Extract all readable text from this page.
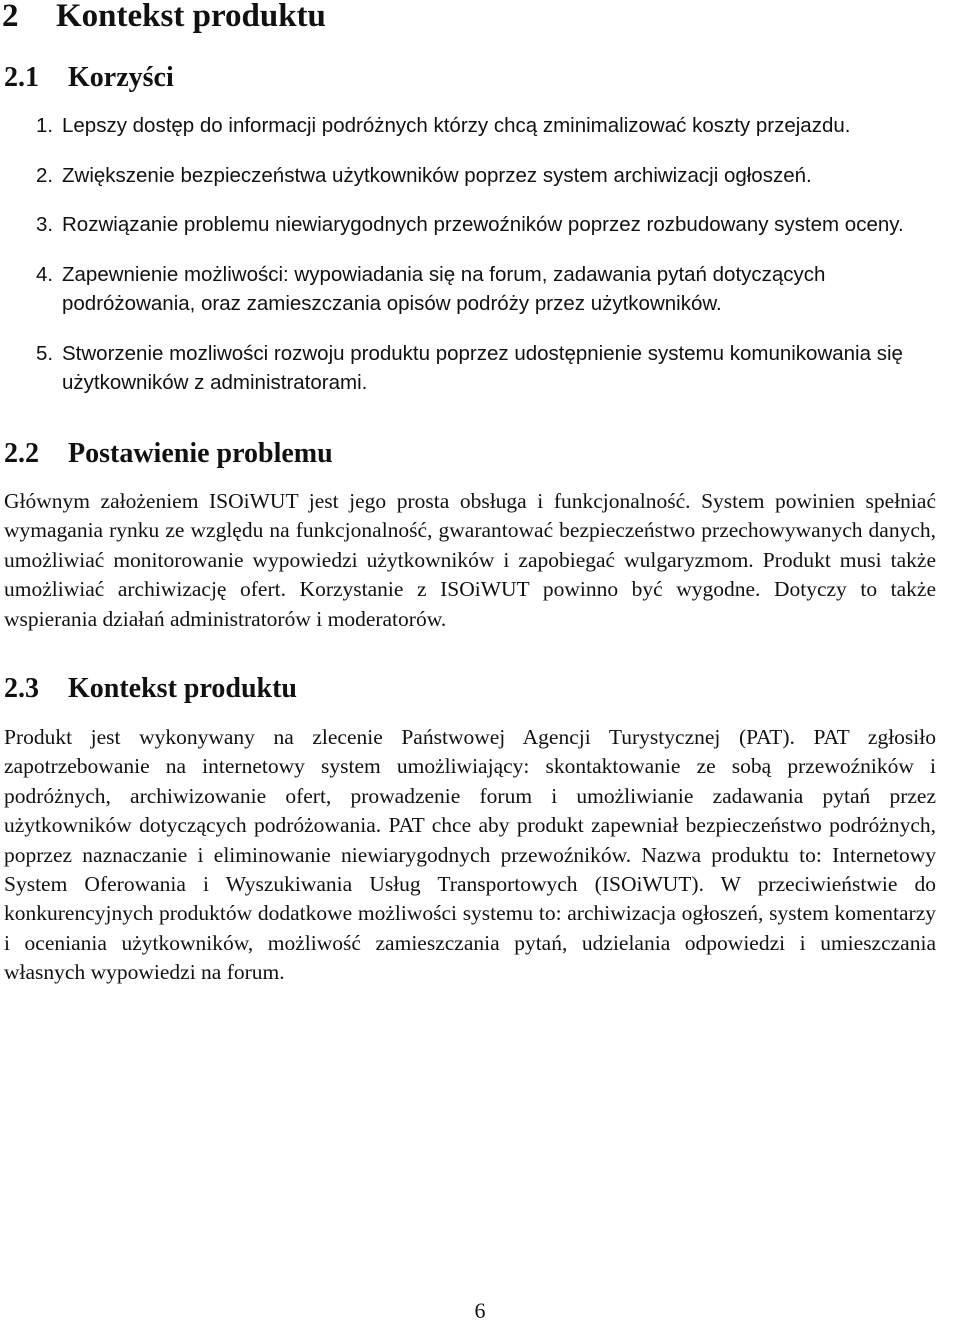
2 Kontekst produktu
2.1 Korzyści
1. Lepszy dostęp do informacji podróżnych którzy chcą zminimalizować koszty przejazdu.
2. Zwiększenie bezpieczeństwa użytkowników poprzez system archiwizacji ogłoszeń.
3. Rozwiązanie problemu niewiarygodnych przewoźników poprzez rozbudowany system oceny.
4. Zapewnienie możliwości: wypowiadania się na forum, zadawania pytań dotyczących podróżowania, oraz zamieszczania opisów podróży przez użytkowników.
5. Stworzenie mozliwości rozwoju produktu poprzez udostępnienie systemu komunikowania się użytkowników z administratorami.
2.2 Postawienie problemu

Głównym założeniem ISOiWUT jest jego prosta obsługa i funkcjonalność. System powinien spełniać wymagania rynku ze względu na funkcjonalność, gwarantować bezpieczeństwo przechowywanych danych, umożliwiać monitorowanie wypowiedzi użytkowników i zapobiegać wulgaryzmom. Produkt musi także umożliwiać archiwizację ofert. Korzystanie z ISOiWUT powinno być wygodne. Dotyczy to także wspierania działań administratorów i moderatorów.

2.3 Kontekst produktu

Produkt jest wykonywany na zlecenie Państwowej Agencji Turystycznej (PAT). PAT zgłosiło zapotrzebowanie na internetowy system umożliwiający: skontaktowanie ze sobą przewoźników i podróżnych, archiwizowanie ofert, prowadzenie forum i umożliwianie zadawania pytań przez użytkowników dotyczących podróżowania. PAT chce aby produkt zapewniał bezpieczeństwo podróżnych, poprzez naznaczanie i eliminowanie niewiarygodnych przewoźników. Nazwa produktu to: Internetowy System Oferowania i Wyszukiwania Usług Transportowych (ISOiWUT). W przeciwieństwie do konkurencyjnych produktów dodatkowe możliwości systemu to: archiwizacja ogłoszeń, system komentarzy i oceniania użytkowników, możliwość zamieszczania pytań, udzielania odpowiedzi i umieszczania własnych wypowiedzi na forum.

6
